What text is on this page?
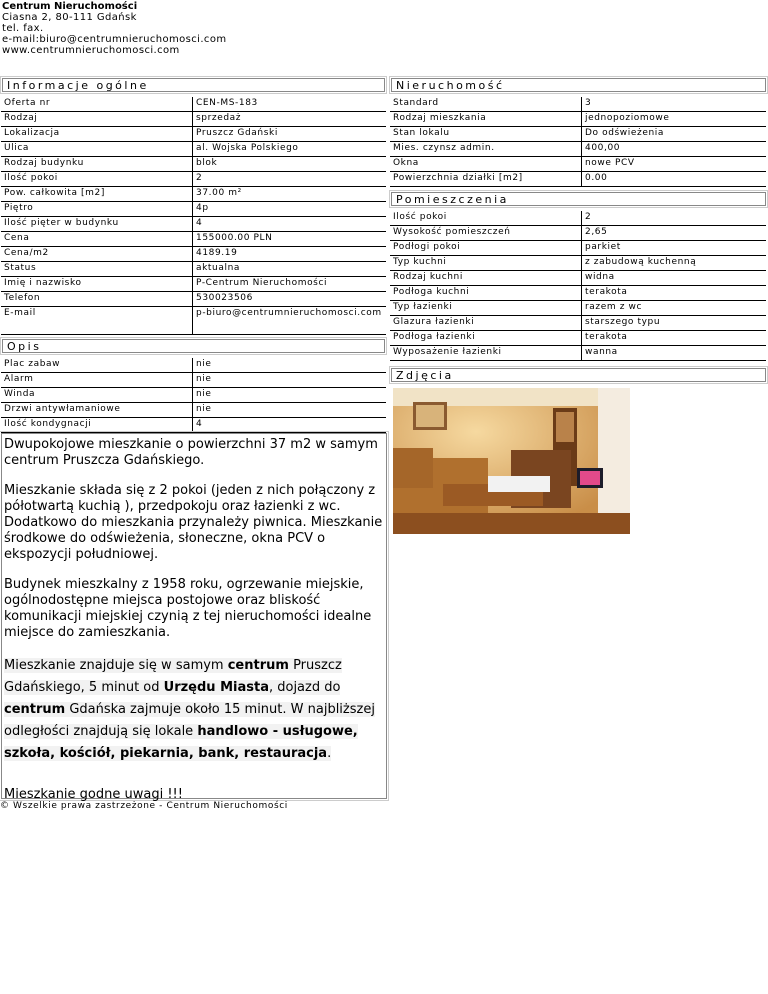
Centrum Nieruchomości
Ciasna 2, 80-111 Gdańsk
tel. fax.
e-mail:biuro@centrumnieruchomosci.com
www.centrumnieruchomosci.com
Informacje ogólne
Oferta nr	CEN-MS-183
Rodzaj	sprzedaż
Lokalizacja	Pruszcz Gdański
Ulica	al. Wojska Polskiego
Rodzaj budynku	blok
Ilość pokoi	2
Pow. całkowita [m2]	37.00 m²
Piętro	4p
Ilość pięter w budynku	4
Cena	155000.00 PLN
Cena/m2	4189.19
Status	aktualna
Imię i nazwisko	P-Centrum Nieruchomości
Telefon	530023506
E-mail	p-biuro@centrumnieruchomosci.com
Opis
Plac zabaw	nie
Alarm	nie
Winda	nie
Drzwi antywłamaniowe	nie
Ilość kondygnacji	4

Dwupokojowe mieszkanie o powierzchni 37 m2 w samym centrum Pruszcza Gdańskiego.

Mieszkanie składa się z 2 pokoi (jeden z nich połączony z półotwartą kuchią ), przedpokoju oraz łazienki z wc. Dodatkowo do mieszkania przynależy piwnica. Mieszkanie środkowe do odświeżenia, słoneczne, okna PCV o ekspozycji południowej.

Budynek mieszkalny z 1958 roku, ogrzewanie miejskie, ogólnodostępne miejsca postojowe oraz bliskość komunikacji miejskiej czynią z tej nieruchomości idealne miejsce do zamieszkania.

Mieszkanie znajduje się w samym centrum Pruszcz Gdańskiego, 5 minut od Urzędu Miasta, dojazd do centrum Gdańska zajmuje około 15 minut. W najbliższej odległości znajdują się lokale handlowo - usługowe, szkoła, kościół, piekarnia, bank, restauracja.

Mieszkanie godne uwagi !!!

© Wszelkie prawa zastrzeżone - Centrum Nieruchomości
Nieruchomość
Standard	3
Rodzaj mieszkania	jednopoziomowe
Stan lokalu	Do odświeżenia
Mies. czynsz admin.	400,00
Okna	nowe PCV
Powierzchnia działki [m2]	0.00
Pomieszczenia
Ilość pokoi	2
Wysokość pomieszczeń	2,65
Podłogi pokoi	parkiet
Typ kuchni	z zabudową kuchenną
Rodzaj kuchni	widna
Podłoga kuchni	terakota
Typ łazienki	razem z wc
Glazura łazienki	starszego typu
Podłoga łazienki	terakota
Wyposażenie łazienki	wanna
Zdjęcia
